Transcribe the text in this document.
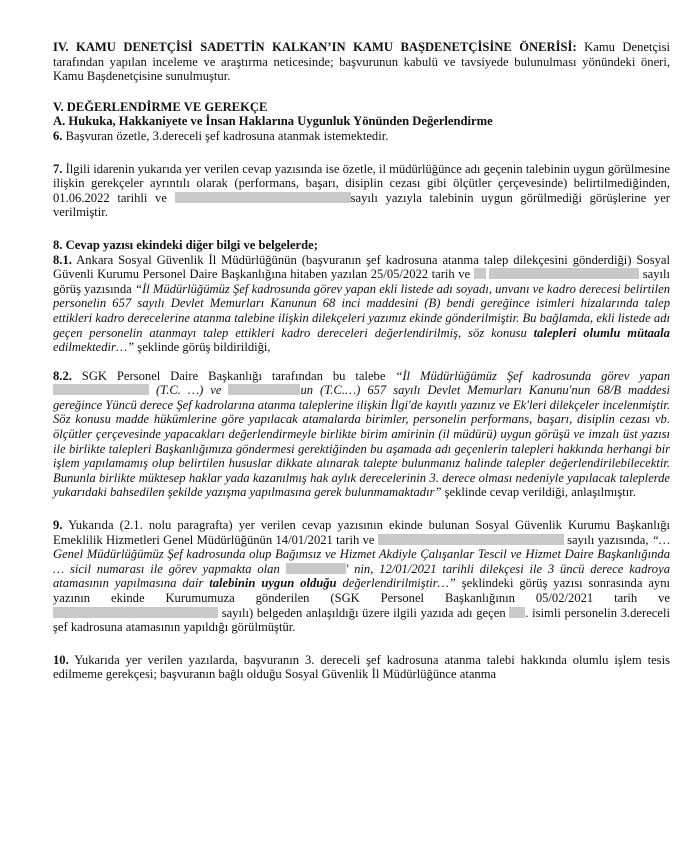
IV. KAMU DENETÇİSİ SADETTİN KALKAN’IN KAMU BAŞDENETÇİSİNE ÖNERİSİ: Kamu Denetçisi tarafından yapılan inceleme ve araştırma neticesinde; başvurunun kabulü ve tavsiyede bulunulması yönündeki öneri, Kamu Başdenetçisine sunulmuştur.

V. DEĞERLENDİRME VE GEREKÇE

A. Hukuka, Hakkaniyete ve İnsan Haklarına Uygunluk Yönünden Değerlendirme

6. Başvuran özetle, 3.dereceli şef kadrosuna atanmak istemektedir.

7. İlgili idarenin yukarıda yer verilen cevap yazısında ise özetle, il müdürlüğünce adı geçenin talebinin uygun görülmesine ilişkin gerekçeler ayrıntılı olarak (performans, başarı, disiplin cezası gibi ölçütler çerçevesinde) belirtilmediğinden, 01.06.2022 tarihli ve	sayılı yazıyla talebinin uygun görülmediği görüşlerine yer verilmiştir.

8. Cevap yazısı ekindeki diğer bilgi ve belgelerde;

8.1. Ankara Sosyal Güvenlik İl Müdürlüğünün (başvuranın şef kadrosuna atanma talep dilekçesini gönderdiği) Sosyal Güvenli Kurumu Personel Daire Başkanlığına hitaben yazılan 25/05/2022 tarih ve	sayılı görüş yazısında “İl Müdürlüğümüz Şef kadrosunda görev yapan ekli listede adı soyadı, unvanı ve kadro derecesi belirtilen personelin 657 sayılı Devlet Memurları Kanunun 68 inci maddesini (B) bendi gereğince isimleri hizalarında talep ettikleri kadro derecelerine atanma talebine ilişkin dilekçeleri yazımız ekinde gönderilmiştir. Bu bağlamda, ekli listede adı geçen personelin atanmayı talep ettikleri kadro dereceleri değerlendirilmiş, söz konusu talepleri olumlu mütaala edilmektedir…” şeklinde görüş bildirildiği,

8.2. SGK Personel Daire Başkanlığı tarafından bu talebe “İl Müdürlüğümüz Şef kadrosunda görev yapan  (T.C. …) ve	un (T.C.…) 657 sayılı Devlet Memurları Kanunu'nun 68/B maddesi gereğince Yüncü derece Şef kadrolarına atanma taleplerine ilişkin İlgi'de kayıtlı yazınız ve Ek'leri dilekçeler incelenmiştir. Söz konusu madde hükümlerine göre yapılacak atamalarda birimler, personelin performans, başarı, disiplin cezası vb. ölçütler çerçevesinde yapacakları değerlendirmeyle birlikte birim amirinin (il müdürü) uygun görüşü ve imzalı üst yazısı ile birlikte talepleri Başkanlığımıza göndermesi gerektiğinden bu aşamada adı geçenlerin talepleri hakkında herhangi bir işlem yapılamamış olup belirtilen hususlar dikkate alınarak talepte bulunmanız halinde talepler değerlendirilebilecektir. Bununla birlikte müktesep haklar yada kazanılmış hak aylık derecelerinin 3. derece olması nedeniyle yapılacak taleplerde yukarıdaki bahsedilen şekilde yazışma yapılmasına gerek bulunmamaktadır” şeklinde cevap verildiği, anlaşılmıştır.

9. Yukarıda (2.1. nolu paragrafta) yer verilen cevap yazısının ekinde bulunan Sosyal Güvenlik Kurumu Başkanlığı Emeklilik Hizmetleri Genel Müdürlüğünün 14/01/2021 tarih ve	sayılı yazısında, “…Genel Müdürlüğümüz Şef kadrosunda olup Bağımsız ve Hizmet Akdiyle Çalışanlar Tescil ve Hizmet Daire Başkanlığında … sicil numarası ile görev yapmakta olan	' nin, 12/01/2021 tarihli dilekçesi ile 3 üncü derece kadroya atamasının yapılmasına dair talebinin uygun olduğu değerlendirilmiştir…” şeklindeki görüş yazısı sonrasında aynı yazının ekinde Kurumumuza gönderilen (SGK Personel Başkanlığının 05/02/2021 tarih ve  sayılı) belgeden anlaşıldığı üzere ilgili yazıda adı geçen . isimli personelin 3.dereceli şef kadrosuna atamasının yapıldığı görülmüştür.

10. Yukarıda yer verilen yazılarda, başvuranın 3. dereceli şef kadrosuna atanma talebi hakkında olumlu işlem tesis edilmeme gerekçesi; başvuranın bağlı olduğu Sosyal Güvenlik İl Müdürlüğünce atanma
